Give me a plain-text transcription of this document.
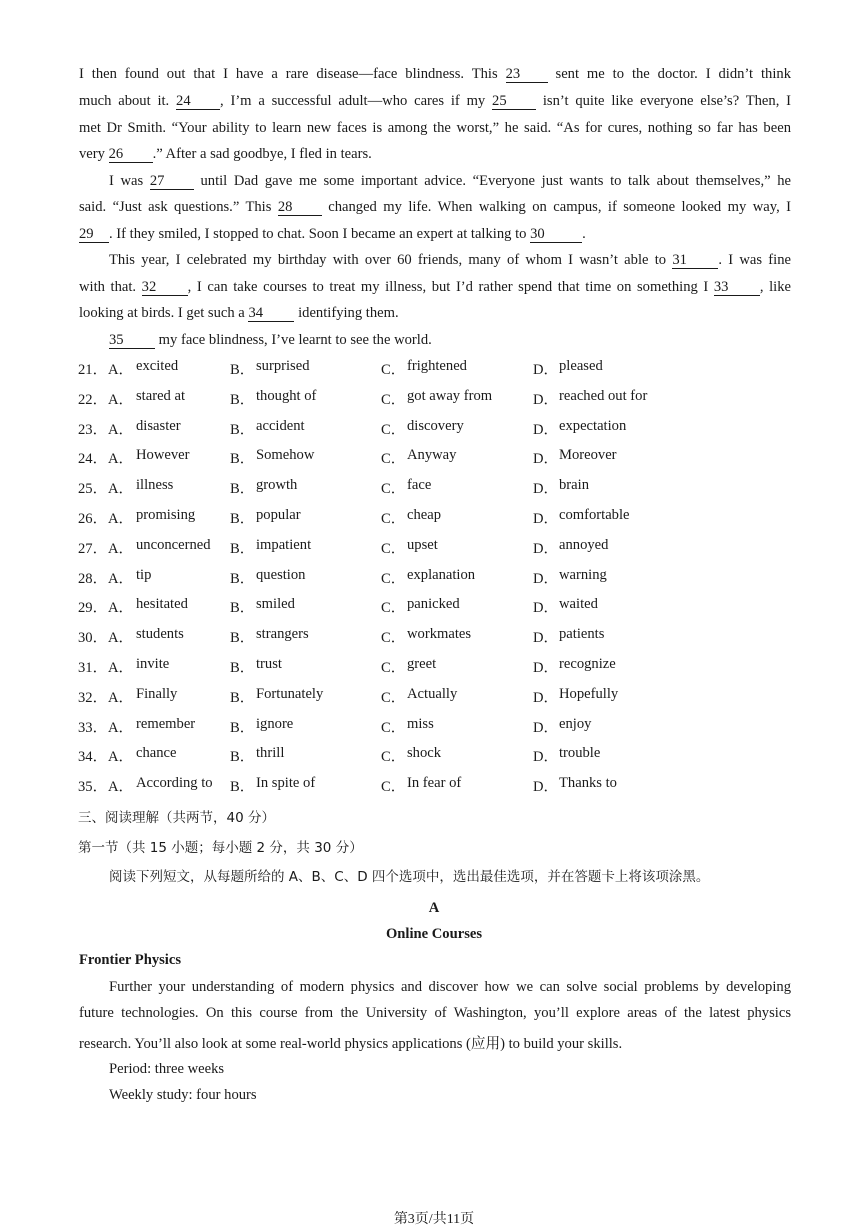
I then found out that I have a rare disease—face blindness. This 23 sent me to the doctor. I didn’t think
much about it. 24 , I’m a successful adult—who cares if my 25 isn’t quite like everyone else’s? Then, I
met Dr Smith. “Your ability to learn new faces is among the worst,” he said. “As for cures, nothing so far has been
very 26 .” After a sad goodbye, I fled in tears.
I was 27 until Dad gave me some important advice. “Everyone just wants to talk about themselves,” he
said. “Just ask questions.” This 28 changed my life. When walking on campus, if someone looked my way, I
29 . If they smiled, I stopped to chat. Soon I became an expert at talking to 30	.
This year, I celebrated my birthday with over 60 friends, many of whom I wasn’t able to 31 . I was fine
with that. 32 , I can take courses to treat my illness, but I’d rather spend that time on something I 33 , like
looking at birds. I get such a 34 identifying them.
35 my face blindness, I’ve learnt to see the world.
21． A． excited	B． surprised	C． frightened	D． pleased
22． A． stared at	B． thought of	C． got away from	D． reached out for
23． A． disaster	B． accident	C． discovery	D． expectation
24． A． However	B． Somehow	C． Anyway	D． Moreover
25． A． illness	B． growth	C． face	D． brain
26． A． promising B． popular	C． cheap	D． comfortable
27． A． unconcerned B． impatient	C． upset	D． annoyed
28． A． tip	B． question	C． explanation	D． warning
29． A． hesitated	B． smiled	C． panicked	D． waited
30． A． students	B． strangers	C． workmates	D． patients
31． A． invite	B． trust	C． greet	D． recognize
32． A． Finally	B． Fortunately	C． Actually	D． Hopefully
33． A． remember B． ignore	C． miss	D． enjoy
34． A． chance	B． thrill	C． shock	D． trouble
35． A． According to B． In spite of	C． In fear of	D． Thanks to
三、阅读理解（共两节，40 分）
第一节（共 15 小题；每小题 2 分，共 30 分）
阅读下列短文，从每题所给的 A、B、C、D 四个选项中，选出最佳选项，并在答题卡上将该项涂黑。
A
Online Courses
Frontier Physics
Further your understanding of modern physics and discover how we can solve social problems by developing
future technologies. On this course from the University of Washington, you’ll explore areas of the latest physics
research. You’ll also look at some real-world physics applications (应用) to build your skills.
Period: three weeks
Weekly study: four hours
第3页/共11页
